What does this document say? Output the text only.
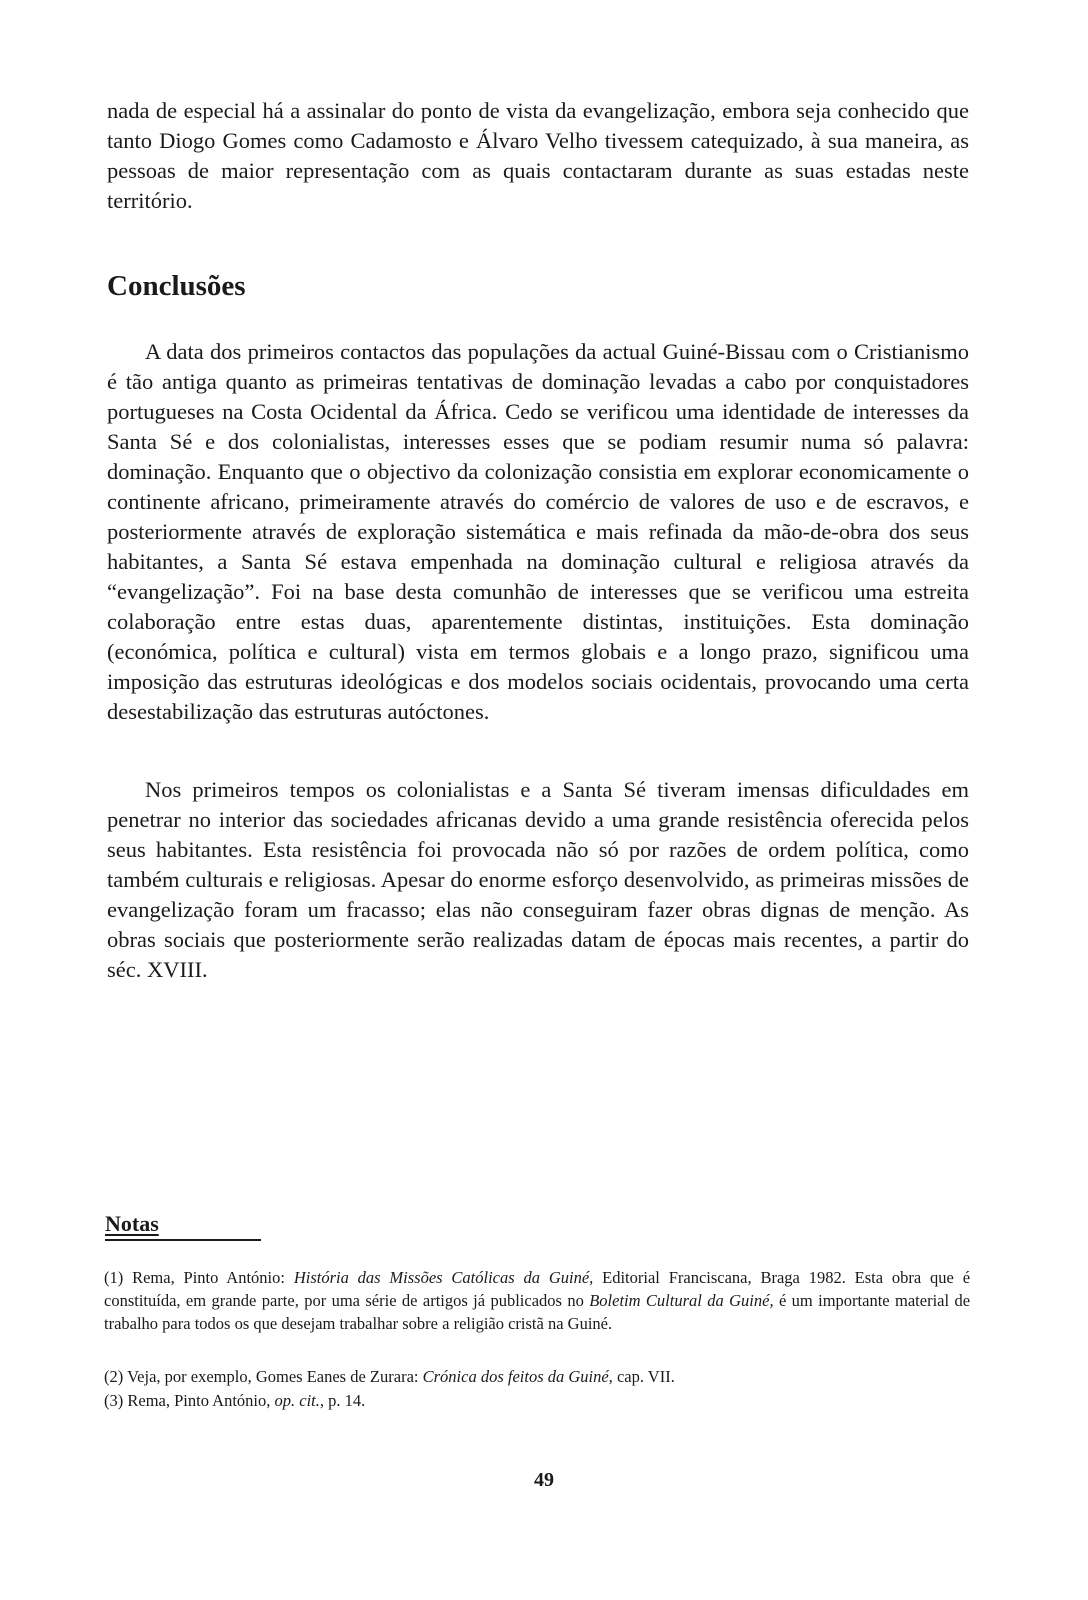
nada de especial há a assinalar do ponto de vista da evangelização, embora seja conhecido que tanto Diogo Gomes como Cadamosto e Álvaro Velho tivessem catequizado, à sua maneira, as pessoas de maior representação com as quais contactaram durante as suas estadas neste território.

Conclusões

A data dos primeiros contactos das populações da actual Guiné-Bissau com o Cristianismo é tão antiga quanto as primeiras tentativas de dominação levadas a cabo por conquistadores portugueses na Costa Ocidental da África. Cedo se verificou uma identidade de interesses da Santa Sé e dos colonialistas, interesses esses que se podiam resumir numa só palavra: dominação. Enquanto que o objectivo da colonização consistia em explorar economicamente o continente africano, primeiramente através do comércio de valores de uso e de escravos, e posteriormente através de exploração sistemática e mais refinada da mão-de-obra dos seus habitantes, a Santa Sé estava empenhada na dominação cultural e religiosa através da “evangelização”. Foi na base desta comunhão de interesses que se verificou uma estreita colaboração entre estas duas, aparentemente distintas, instituições. Esta dominação (económica, política e cultural) vista em termos globais e a longo prazo, significou uma imposição das estruturas ideológicas e dos modelos sociais ocidentais, provocando uma certa desestabilização das estruturas autóctones.

Nos primeiros tempos os colonialistas e a Santa Sé tiveram imensas dificuldades em penetrar no interior das sociedades africanas devido a uma grande resistência oferecida pelos seus habitantes. Esta resistência foi provocada não só por razões de ordem política, como também culturais e religiosas. Apesar do enorme esforço desenvolvido, as primeiras missões de evangelização foram um fracasso; elas não conseguiram fazer obras dignas de menção. As obras sociais que posteriormente serão realizadas datam de épocas mais recentes, a partir do séc. XVIII.

Notas

(1) Rema, Pinto António: História das Missões Católicas da Guiné, Editorial Franciscana, Braga 1982. Esta obra que é constituída, em grande parte, por uma série de artigos já publicados no Boletim Cultural da Guiné, é um importante material de trabalho para todos os que desejam trabalhar sobre a religião cristã na Guiné.

(2) Veja, por exemplo, Gomes Eanes de Zurara: Crónica dos feitos da Guiné, cap. VII.

(3) Rema, Pinto António, op. cit., p. 14.

49
